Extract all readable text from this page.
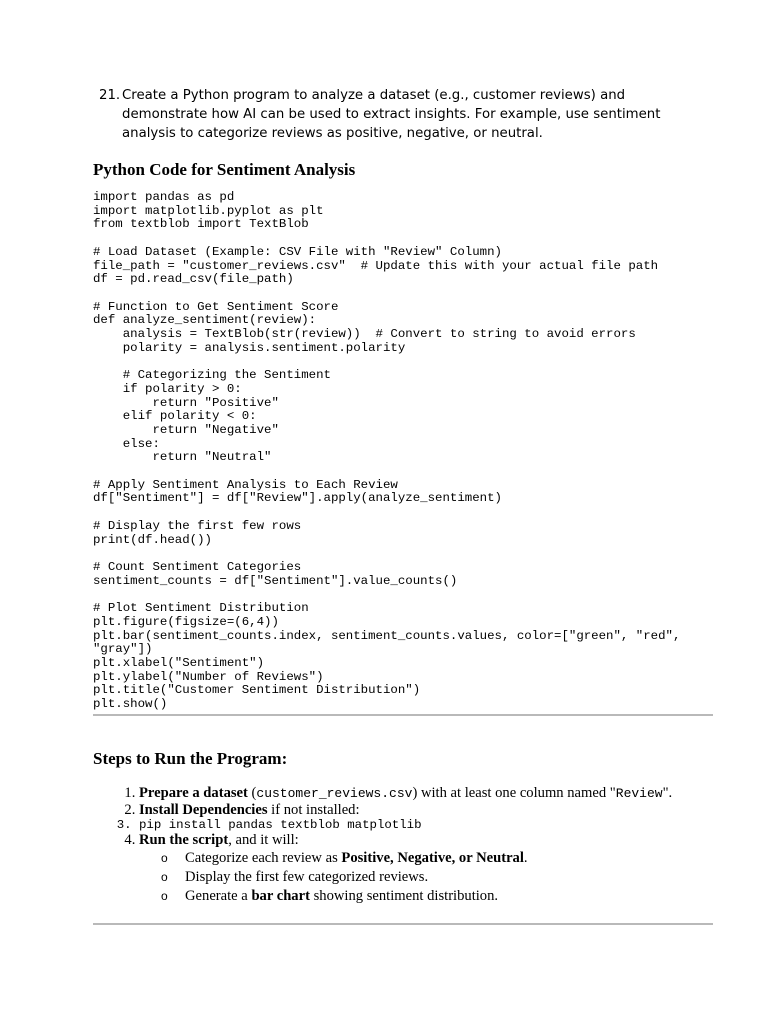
21. Create a Python program to analyze a dataset (e.g., customer reviews) and demonstrate how AI can be used to extract insights. For example, use sentiment analysis to categorize reviews as positive, negative, or neutral.

Python Code for Sentiment Analysis
import pandas as pd
import matplotlib.pyplot as plt
from textblob import TextBlob

# Load Dataset (Example: CSV File with "Review" Column)
file_path = "customer_reviews.csv"  # Update this with your actual file path
df = pd.read_csv(file_path)

# Function to Get Sentiment Score
def analyze_sentiment(review):
analysis = TextBlob(str(review))  # Convert to string to avoid errors
polarity = analysis.sentiment.polarity

# Categorizing the Sentiment
if polarity > 0:
return "Positive"
elif polarity < 0:
return "Negative"
else:
return "Neutral"

# Apply Sentiment Analysis to Each Review
df["Sentiment"] = df["Review"].apply(analyze_sentiment)

# Display the first few rows
print(df.head())

# Count Sentiment Categories
sentiment_counts = df["Sentiment"].value_counts()

# Plot Sentiment Distribution
plt.figure(figsize=(6,4))
plt.bar(sentiment_counts.index, sentiment_counts.values, color=["green", "red",
"gray"])
plt.xlabel("Sentiment")
plt.ylabel("Number of Reviews")
plt.title("Customer Sentiment Distribution")
plt.show()
Steps to Run the Program:
1. Prepare a dataset (customer_reviews.csv) with at least one column named "Review".
2. Install Dependencies if not installed:
3. pip install pandas textblob matplotlib
4. Run the script, and it will:
o Categorize each review as Positive, Negative, or Neutral.
o Display the first few categorized reviews.
o Generate a bar chart showing sentiment distribution.
